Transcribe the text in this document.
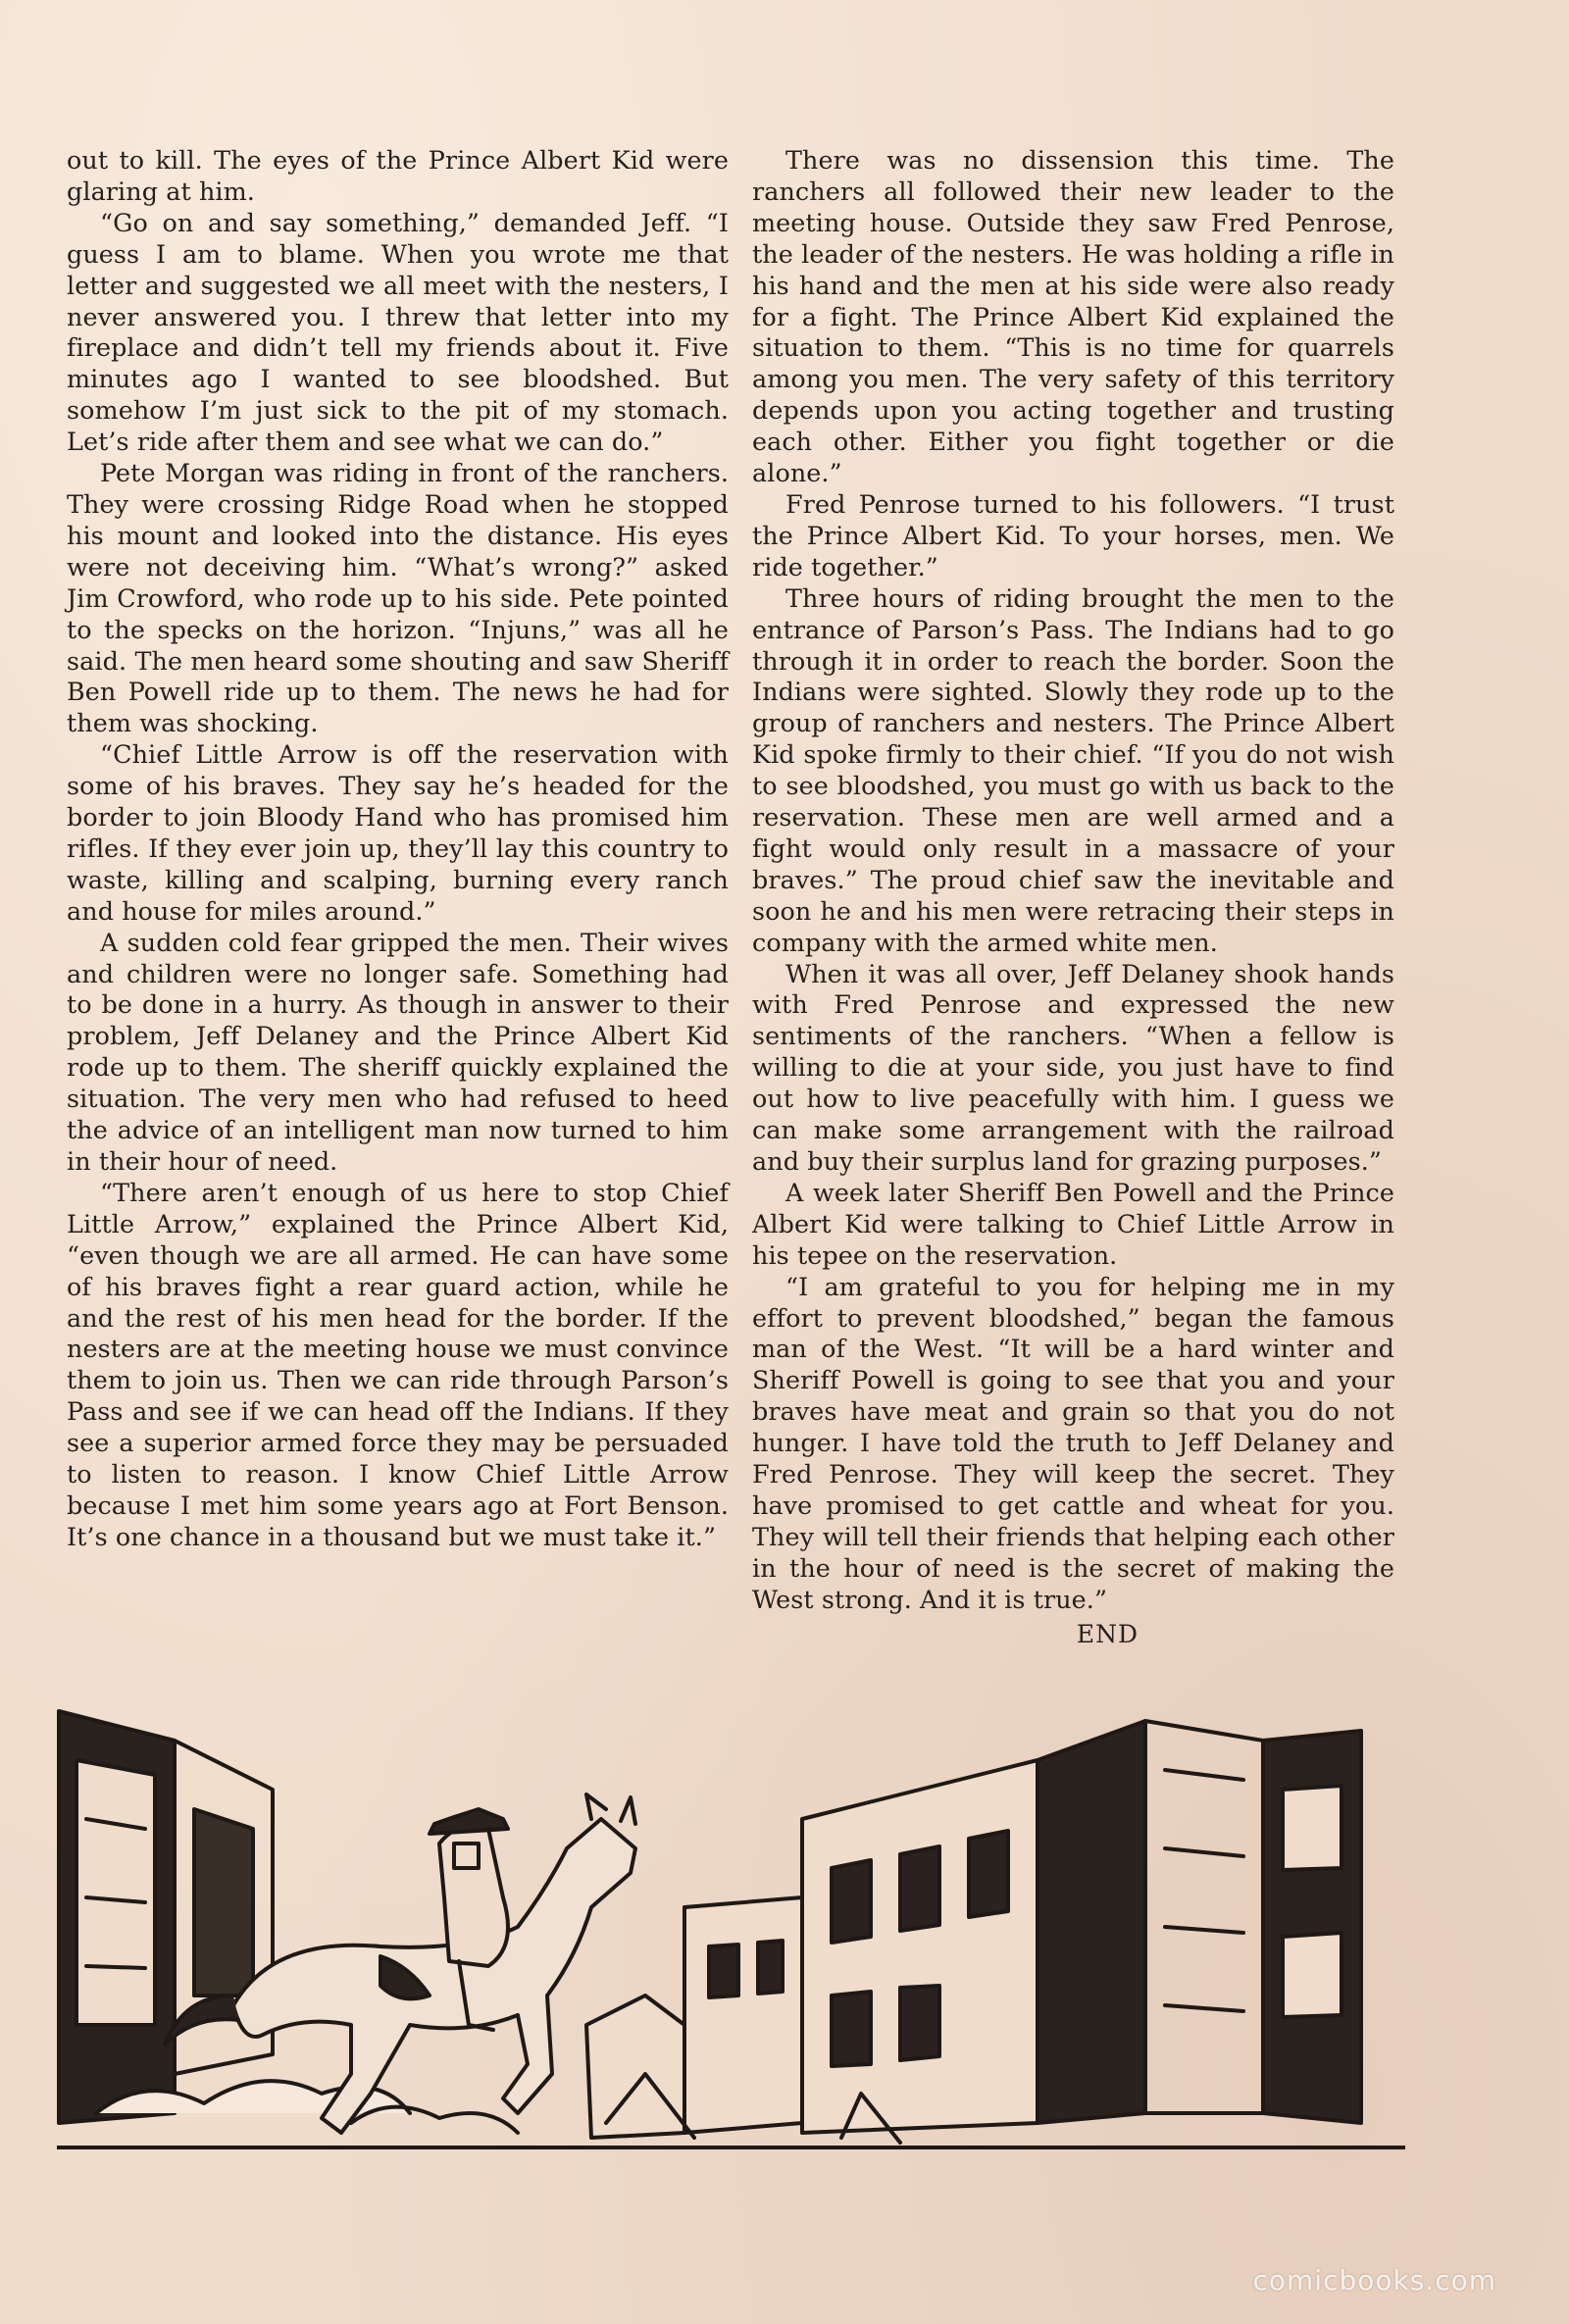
out to kill. The eyes of the Prince Albert Kid were glaring at him.

“Go on and say something,” demanded Jeff. “I guess I am to blame. When you wrote me that letter and suggested we all meet with the nesters, I never answered you. I threw that letter into my fireplace and didn’t tell my friends about it. Five minutes ago I wanted to see bloodshed. But somehow I’m just sick to the pit of my stomach. Let’s ride after them and see what we can do.”

Pete Morgan was riding in front of the ranchers. They were crossing Ridge Road when he stopped his mount and looked into the distance. His eyes were not deceiving him. “What’s wrong?” asked Jim Crowford, who rode up to his side. Pete pointed to the specks on the horizon. “Injuns,” was all he said. The men heard some shouting and saw Sheriff Ben Powell ride up to them. The news he had for them was shocking.

“Chief Little Arrow is off the reservation with some of his braves. They say he’s headed for the border to join Bloody Hand who has promised him rifles. If they ever join up, they’ll lay this country to waste, killing and scalping, burning every ranch and house for miles around.”

A sudden cold fear gripped the men. Their wives and children were no longer safe. Something had to be done in a hurry. As though in answer to their problem, Jeff Delaney and the Prince Albert Kid rode up to them. The sheriff quickly explained the situation. The very men who had refused to heed the advice of an intelligent man now turned to him in their hour of need.

“There aren’t enough of us here to stop Chief Little Arrow,” explained the Prince Albert Kid, “even though we are all armed. He can have some of his braves fight a rear guard action, while he and the rest of his men head for the border. If the nesters are at the meeting house we must convince them to join us. Then we can ride through Parson’s Pass and see if we can head off the Indians. If they see a superior armed force they may be persuaded to listen to reason. I know Chief Little Arrow because I met him some years ago at Fort Benson. It’s one chance in a thousand but we must take it.”

There was no dissension this time. The ranchers all followed their new leader to the meeting house. Outside they saw Fred Penrose, the leader of the nesters. He was holding a rifle in his hand and the men at his side were also ready for a fight. The Prince Albert Kid explained the situation to them. “This is no time for quarrels among you men. The very safety of this territory depends upon you acting together and trusting each other. Either you fight together or die alone.”

Fred Penrose turned to his followers. “I trust the Prince Albert Kid. To your horses, men. We ride together.”

Three hours of riding brought the men to the entrance of Parson’s Pass. The Indians had to go through it in order to reach the border. Soon the Indians were sighted. Slowly they rode up to the group of ranchers and nesters. The Prince Albert Kid spoke firmly to their chief. “If you do not wish to see bloodshed, you must go with us back to the reservation. These men are well armed and a fight would only result in a massacre of your braves.” The proud chief saw the inevitable and soon he and his men were retracing their steps in company with the armed white men.

When it was all over, Jeff Delaney shook hands with Fred Penrose and expressed the new sentiments of the ranchers. “When a fellow is willing to die at your side, you just have to find out how to live peacefully with him. I guess we can make some arrangement with the railroad and buy their surplus land for grazing purposes.”

A week later Sheriff Ben Powell and the Prince Albert Kid were talking to Chief Little Arrow in his tepee on the reservation.

“I am grateful to you for helping me in my effort to prevent bloodshed,” began the famous man of the West. “It will be a hard winter and Sheriff Powell is going to see that you and your braves have meat and grain so that you do not hunger. I have told the truth to Jeff Delaney and Fred Penrose. They will keep the secret. They have promised to get cattle and wheat for you. They will tell their friends that helping each other in the hour of need is the secret of making the West strong. And it is true.”

END
comicbooks.com
